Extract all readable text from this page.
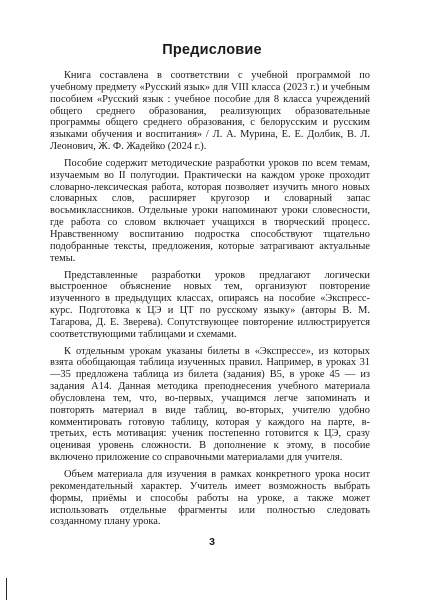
Предисловие

Книга составлена в соответствии с учебной программой по учебному предмету «Русский язык» для VIII класса (2023 г.) и учебным пособием «Русский язык : учебное пособие для 8 класса учреждений общего среднего образования, реализующих образовательные программы общего среднего образования, с белорусским и русским языками обучения и воспитания» / Л. А. Мурина, Е. Е. Долбик, В. Л. Леонович, Ж. Ф. Жадейко (2024 г.).

Пособие содержит методические разработки уроков по всем темам, изучаемым во II полугодии. Практически на каждом уроке проходит словарно-лексическая работа, которая позволяет изучить много новых словарных слов, расширяет кругозор и словарный запас восьмиклассников. Отдельные уроки напоминают уроки словесности, где работа со словом включает учащихся в творческий процесс. Нравственному воспитанию подростка способствуют тщательно подобранные тексты, предложения, которые затрагивают актуальные темы.

Представленные разработки уроков предлагают логически выстроенное объяснение новых тем, организуют повторение изученного в предыдущих классах, опираясь на пособие «Экспресс-курс. Подготовка к ЦЭ и ЦТ по русскому языку» (авторы В. М. Тагарова, Д. Е. Зверева). Сопутствующее повторение иллюстрируется соответствующими таблицами и схемами.

К отдельным урокам указаны билеты в «Экспрессе», из которых взята обобщающая таблица изученных правил. Например, в уроках 31—35 предложена таблица из билета (задания) В5, в уроке 45 — из задания А14. Данная методика преподнесения учебного материала обусловлена тем, что, во-первых, учащимся легче запоминать и повторять материал в виде таблиц, во-вторых, учителю удобно комментировать готовую таблицу, которая у каждого на парте, в-третьих, есть мотивация: ученик постепенно готовится к ЦЭ, сразу оценивая уровень сложности. В дополнение к этому, в пособие включено приложение со справочными материалами для учителя.

Объем материала для изучения в рамках конкретного урока носит рекомендательный характер. Учитель имеет возможность выбрать формы, приёмы и способы работы на уроке, а также может использовать отдельные фрагменты или полностью следовать созданному плану урока.

3
